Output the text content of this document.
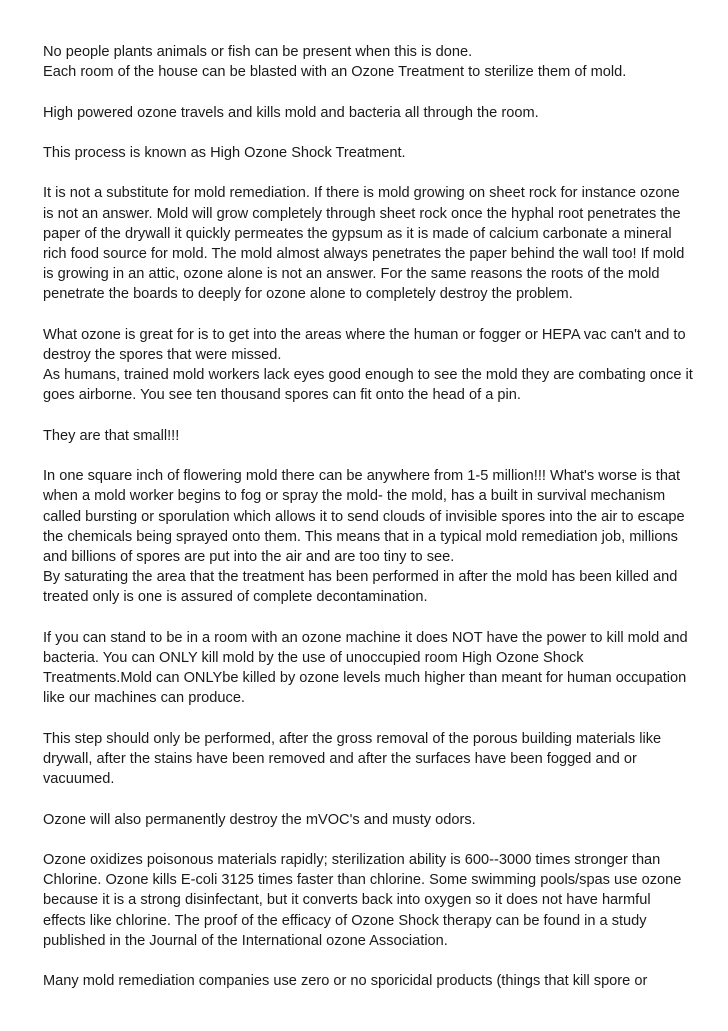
No people plants animals or fish can be present when this is done.
Each room of the house can be blasted with an Ozone Treatment to sterilize them of mold.

High powered ozone travels and kills mold and bacteria all through the room.

This process is known as High Ozone Shock Treatment.

It is not a substitute for mold remediation. If there is mold growing on sheet rock for instance ozone is not an answer. Mold will grow completely through sheet rock once the hyphal root penetrates the paper of the drywall it quickly permeates the gypsum as it is made of calcium carbonate a mineral rich food source for mold. The mold almost always penetrates the paper behind the wall too! If mold is growing in an attic, ozone alone is not an answer. For the same reasons the roots of the mold penetrate the boards to deeply for ozone alone to completely destroy the problem.

What ozone is great for is to get into the areas where the human or fogger or HEPA vac can't and to destroy the spores that were missed.
As humans, trained mold workers lack eyes good enough to see the mold they are combating once it goes airborne. You see ten thousand spores can fit onto the head of a pin.

They are that small!!!

In one square inch of flowering mold there can be anywhere from 1-5 million!!! What's worse is that when a mold worker begins to fog or spray the mold- the mold, has a built in survival mechanism called bursting or sporulation which allows it to send clouds of invisible spores into the air to escape the chemicals being sprayed onto them. This means that in a typical mold remediation job, millions and billions of spores are put into the air and are too tiny to see.
By saturating the area that the treatment has been performed in after the mold has been killed and treated only is one is assured of complete decontamination.

If you can stand to be in a room with an ozone machine it does NOT have the power to kill mold and bacteria. You can ONLY kill mold by the use of unoccupied room High Ozone Shock Treatments.Mold can ONLYbe killed by ozone levels much higher than meant for human occupation like our machines can produce.

This step should only be performed, after the gross removal of the porous building materials like drywall, after the stains have been removed and after the surfaces have been fogged and or vacuumed.

Ozone will also permanently destroy the mVOC's and musty odors.

Ozone oxidizes poisonous materials rapidly; sterilization ability is 600--3000 times stronger than Chlorine. Ozone kills E-coli 3125 times faster than chlorine. Some swimming pools/spas use ozone because it is a strong disinfectant, but it converts back into oxygen so it does not have harmful effects like chlorine. The proof of the efficacy of Ozone Shock therapy can be found in a study published in the Journal of the International ozone Association.

Many mold remediation companies use zero or no sporicidal products (things that kill spore or
